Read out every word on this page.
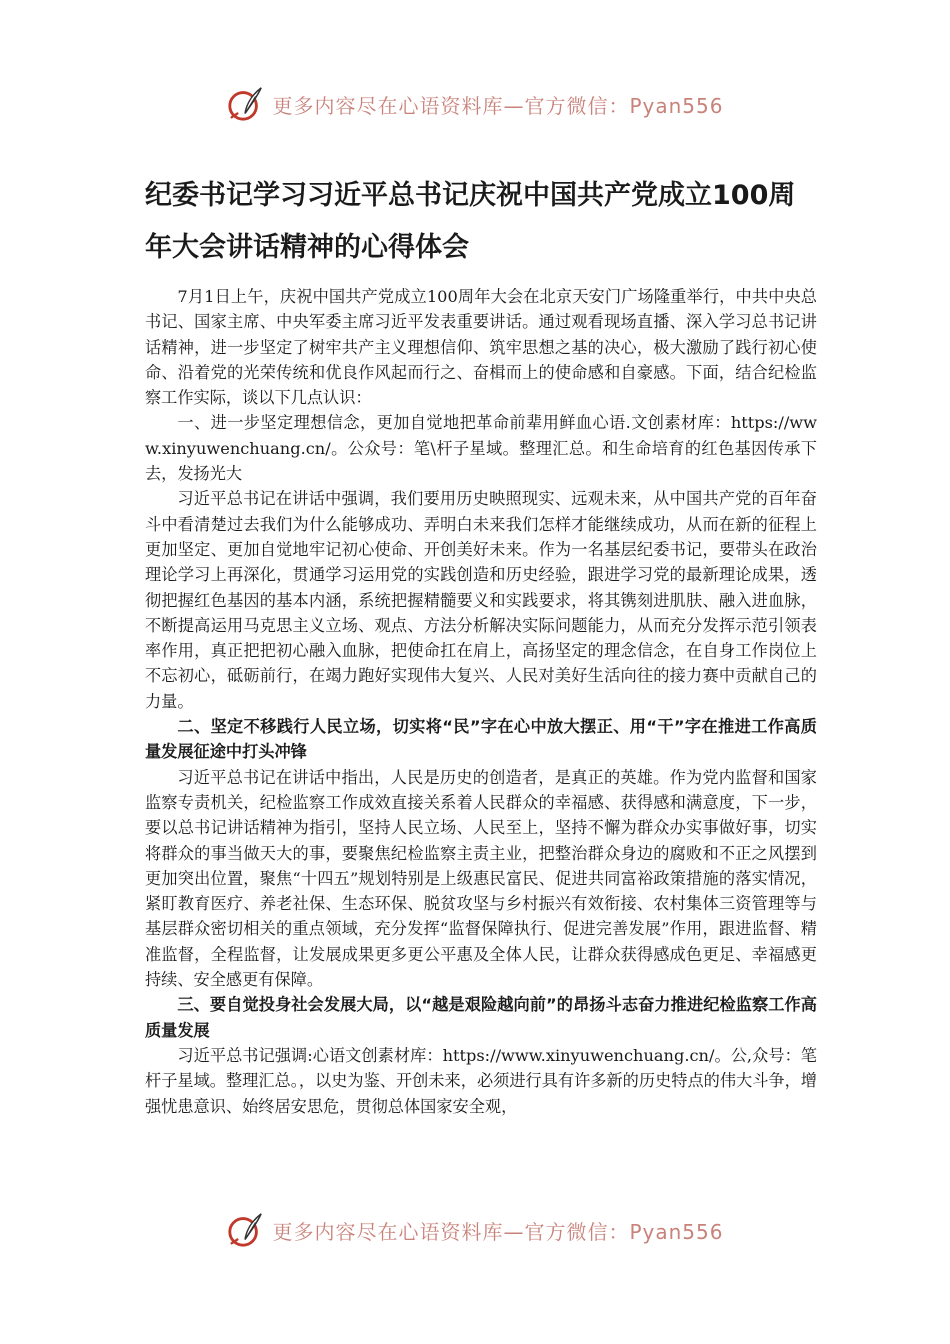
更多内容尽在心语资料库—官方微信：Pyan556
纪委书记学习习近平总书记庆祝中国共产党成立100周年大会讲话精神的心得体会

7月1日上午，庆祝中国共产党成立100周年大会在北京天安门广场隆重举行，中共中央总书记、国家主席、中央军委主席习近平发表重要讲话。通过观看现场直播、深入学习总书记讲话精神，进一步坚定了树牢共产主义理想信仰、筑牢思想之基的决心，极大激励了践行初心使命、沿着党的光荣传统和优良作风起而行之、奋楫而上的使命感和自豪感。下面，结合纪检监察工作实际，谈以下几点认识：

一、进一步坚定理想信念，更加自觉地把革命前辈用鲜血心语.文创素材库：https://www.xinyuwenchuang.cn/。公众号：笔\杆子星域。整理汇总。和生命培育的红色基因传承下去，发扬光大

习近平总书记在讲话中强调，我们要用历史映照现实、远观未来，从中国共产党的百年奋斗中看清楚过去我们为什么能够成功、弄明白未来我们怎样才能继续成功，从而在新的征程上更加坚定、更加自觉地牢记初心使命、开创美好未来。作为一名基层纪委书记，要带头在政治理论学习上再深化，贯通学习运用党的实践创造和历史经验，跟进学习党的最新理论成果，透彻把握红色基因的基本内涵，系统把握精髓要义和实践要求，将其镌刻进肌肤、融入进血脉，不断提高运用马克思主义立场、观点、方法分析解决实际问题能力，从而充分发挥示范引领表率作用，真正把把初心融入血脉，把使命扛在肩上，高扬坚定的理念信念，在自身工作岗位上不忘初心，砥砺前行，在竭力跑好实现伟大复兴、人民对美好生活向往的接力赛中贡献自己的力量。

二、坚定不移践行人民立场，切实将“民”字在心中放大摆正、用“干”字在推进工作高质量发展征途中打头冲锋

习近平总书记在讲话中指出，人民是历史的创造者，是真正的英雄。作为党内监督和国家监察专责机关，纪检监察工作成效直接关系着人民群众的幸福感、获得感和满意度，下一步，要以总书记讲话精神为指引，坚持人民立场、人民至上，坚持不懈为群众办实事做好事，切实将群众的事当做天大的事，要聚焦纪检监察主责主业，把整治群众身边的腐败和不正之风摆到更加突出位置，聚焦“十四五”规划特别是上级惠民富民、促进共同富裕政策措施的落实情况，紧盯教育医疗、养老社保、生态环保、脱贫攻坚与乡村振兴有效衔接、农村集体三资管理等与基层群众密切相关的重点领域，充分发挥“监督保障执行、促进完善发展”作用，跟进监督、精准监督，全程监督，让发展成果更多更公平惠及全体人民，让群众获得感成色更足、幸福感更持续、安全感更有保障。

三、要自觉投身社会发展大局，以“越是艰险越向前”的昂扬斗志奋力推进纪检监察工作高质量发展

习近平总书记强调:心语文创素材库：https://www.xinyuwenchuang.cn/。公,众号：笔杆子星域。整理汇总。，以史为鉴、开创未来，必须进行具有许多新的历史特点的伟大斗争，增强忧患意识、始终居安思危，贯彻总体国家安全观，

更多内容尽在心语资料库—官方微信：Pyan556
